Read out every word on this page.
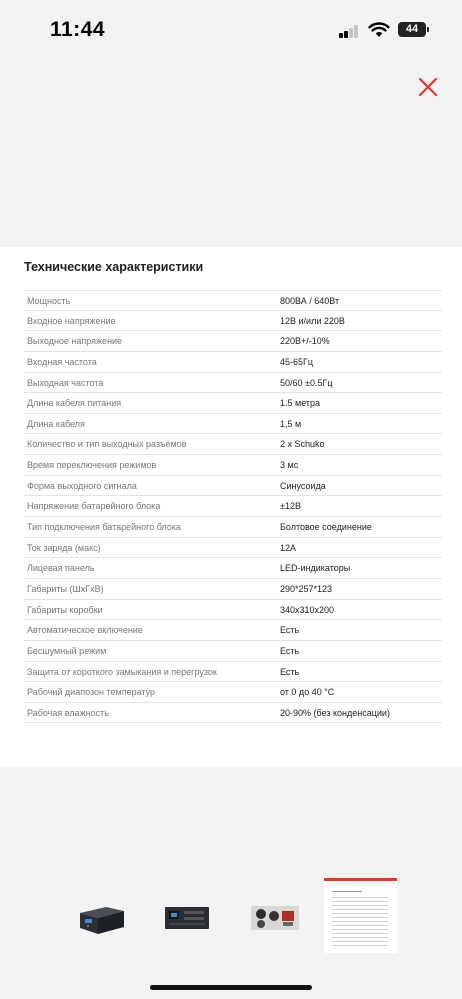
11:44	44
Технические характеристики
Мощность	800ВА / 640Вт
Входное напряжение	12В и/или 220В
Выходное напряжение	220В+/-10%
Входная частота	45-65Гц
Выходная частота	50/60 ±0.5Гц
Длина кабеля питания	1.5 метра
Длина кабеля	1,5 м
Количество и тип выходных разъёмов	2 x Schuko
Время переключения режимов	3 мс
Форма выходного сигнала	Синусоида
Напряжение батарейного блока	±12В
Тип подключения батарейного блока	Болтовое соединение
Ток заряда (макс)	12А
Лицевая панель	LED-индикаторы
Габариты (ШхГхВ)	290*257*123
Габариты коробки	340x310x200
Автоматическое включение	Есть
Бесшумный режим	Есть
Защита от короткого замыкания и перегрузок	Есть
Рабочий диапозон температур	от 0 до 40 °С
Рабочая влажность	20-90% (без конденсации)
